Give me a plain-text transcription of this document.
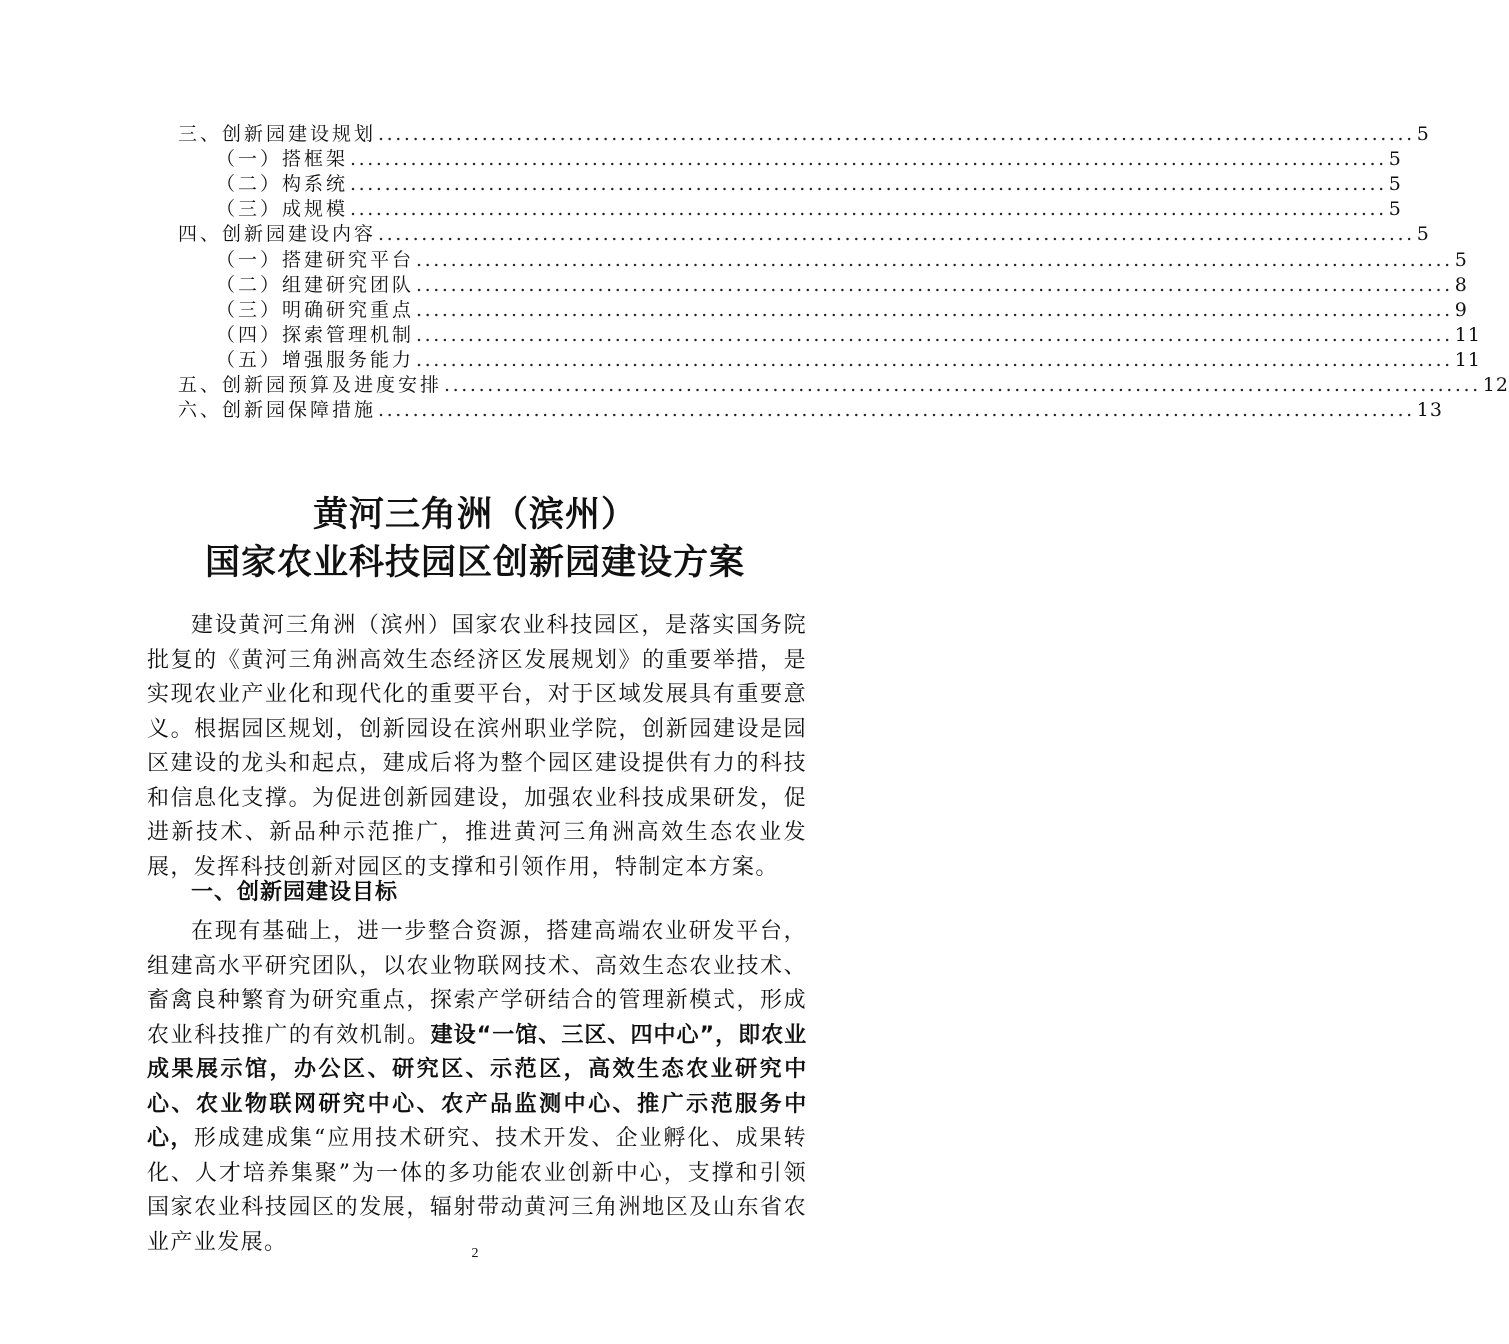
三、创新园建设规划 ........................................................................................................................ 5
（一）搭框架 ........................................................................................................................ 5
（二）构系统 ........................................................................................................................ 5
（三）成规模 ........................................................................................................................ 5
四、创新园建设内容 ........................................................................................................................ 5
（一）搭建研究平台 ........................................................................................................................ 5
（二）组建研究团队 ........................................................................................................................ 8
（三）明确研究重点 ........................................................................................................................ 9
（四）探索管理机制 ........................................................................................................................ 11
（五）增强服务能力 ........................................................................................................................ 11
五、创新园预算及进度安排 ........................................................................................................................ 12
六、创新园保障措施 ........................................................................................................................ 13
黄河三角洲（滨州）
国家农业科技园区创新园建设方案

建设黄河三角洲（滨州）国家农业科技园区，是落实国务院批复的《黄河三角洲高效生态经济区发展规划》的重要举措，是实现农业产业化和现代化的重要平台，对于区域发展具有重要意义。根据园区规划，创新园设在滨州职业学院，创新园建设是园区建设的龙头和起点，建成后将为整个园区建设提供有力的科技和信息化支撑。为促进创新园建设，加强农业科技成果研发，促进新技术、新品种示范推广，推进黄河三角洲高效生态农业发展，发挥科技创新对园区的支撑和引领作用，特制定本方案。

一、创新园建设目标

在现有基础上，进一步整合资源，搭建高端农业研发平台，组建高水平研究团队，以农业物联网技术、高效生态农业技术、畜禽良种繁育为研究重点，探索产学研结合的管理新模式，形成农业科技推广的有效机制。建设“一馆、三区、四中心”，即农业成果展示馆，办公区、研究区、示范区，高效生态农业研究中心、农业物联网研究中心、农产品监测中心、推广示范服务中心，形成建成集“应用技术研究、技术开发、企业孵化、成果转化、人才培养集聚”为一体的多功能农业创新中心，支撑和引领国家农业科技园区的发展，辐射带动黄河三角洲地区及山东省农业产业发展。	2
